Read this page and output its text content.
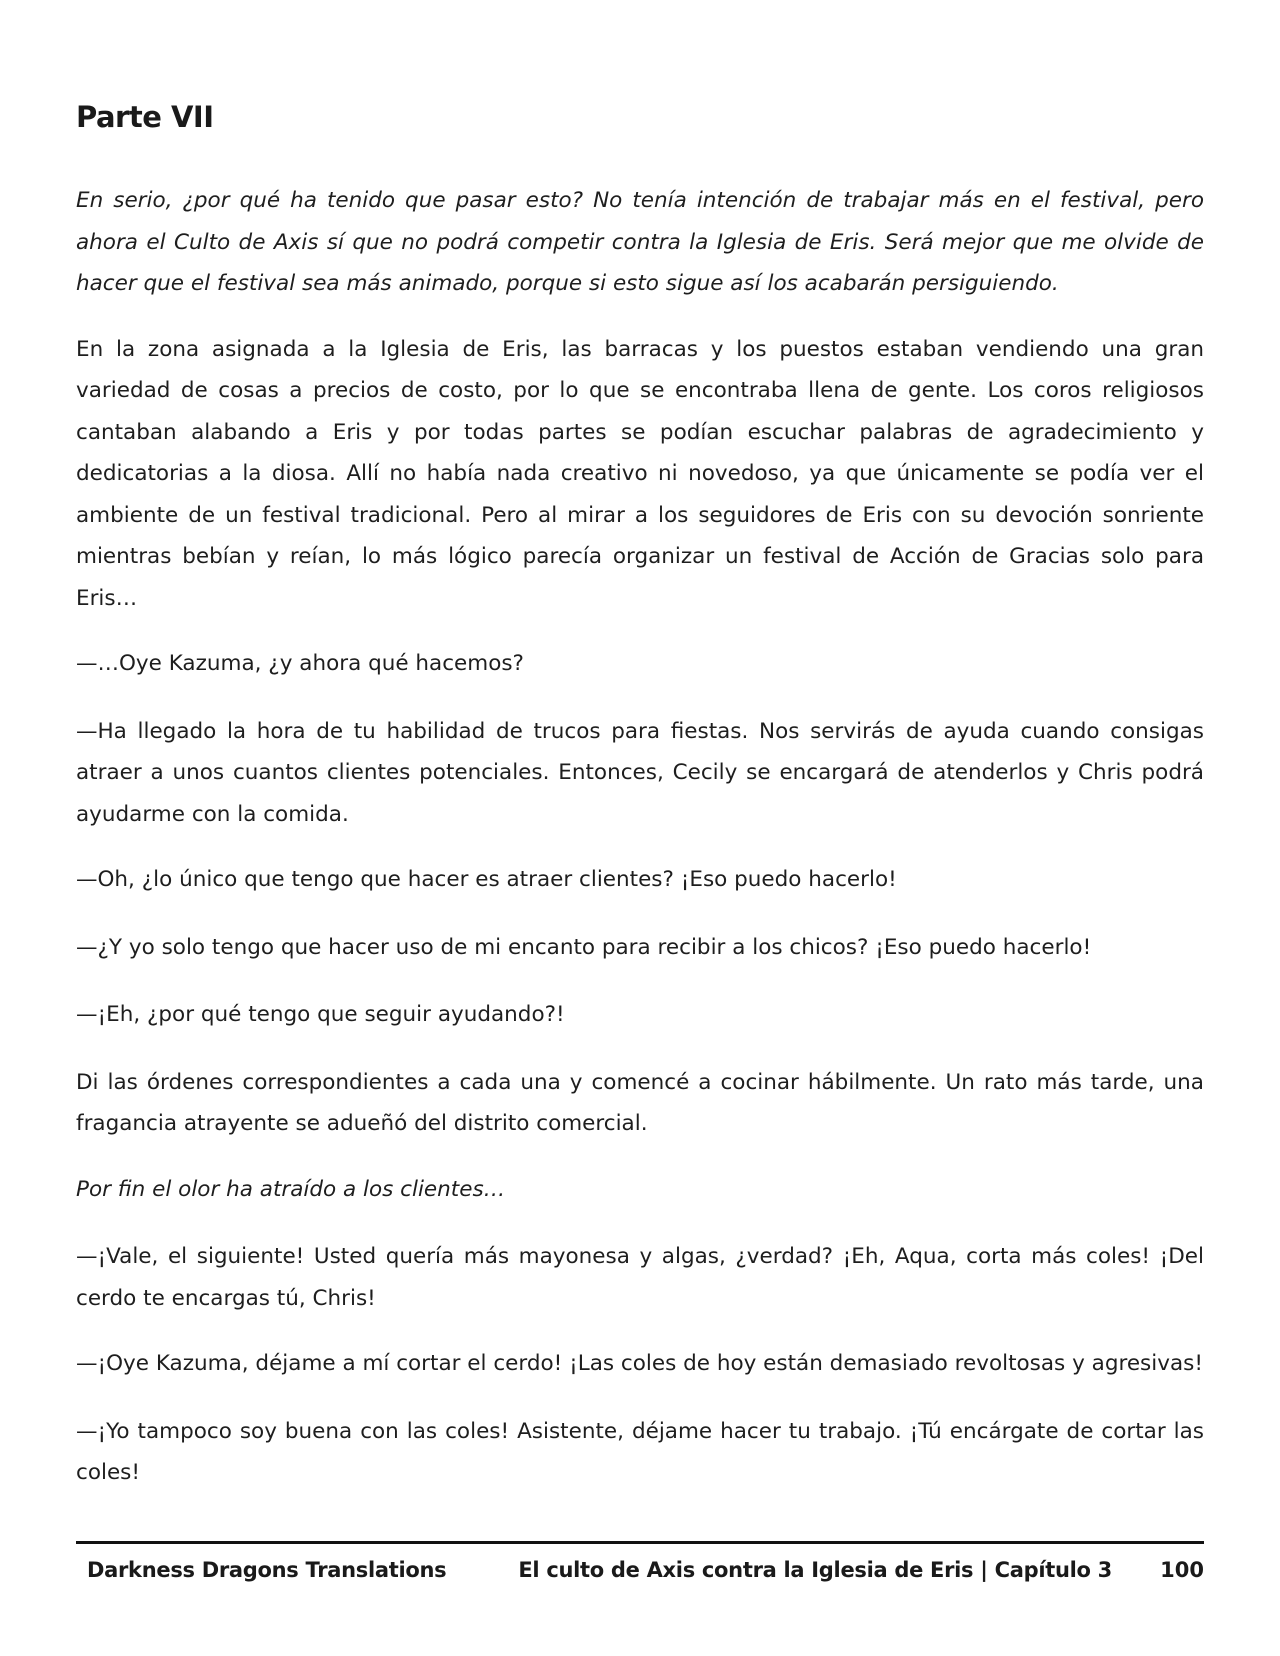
Parte VII

En serio, ¿por qué ha tenido que pasar esto? No tenía intención de trabajar más en el festival, pero ahora el Culto de Axis sí que no podrá competir contra la Iglesia de Eris. Será mejor que me olvide de hacer que el festival sea más animado, porque si esto sigue así los acabarán persiguiendo.

En la zona asignada a la Iglesia de Eris, las barracas y los puestos estaban vendiendo una gran variedad de cosas a precios de costo, por lo que se encontraba llena de gente. Los coros religiosos cantaban alabando a Eris y por todas partes se podían escuchar palabras de agradecimiento y dedicatorias a la diosa. Allí no había nada creativo ni novedoso, ya que únicamente se podía ver el ambiente de un festival tradicional. Pero al mirar a los seguidores de Eris con su devoción sonriente mientras bebían y reían, lo más lógico parecía organizar un festival de Acción de Gracias solo para Eris…

—…Oye Kazuma, ¿y ahora qué hacemos?

—Ha llegado la hora de tu habilidad de trucos para fiestas. Nos servirás de ayuda cuando consigas atraer a unos cuantos clientes potenciales. Entonces, Cecily se encargará de atenderlos y Chris podrá ayudarme con la comida.

—Oh, ¿lo único que tengo que hacer es atraer clientes? ¡Eso puedo hacerlo!

—¿Y yo solo tengo que hacer uso de mi encanto para recibir a los chicos? ¡Eso puedo hacerlo!

—¡Eh, ¿por qué tengo que seguir ayudando?!

Di las órdenes correspondientes a cada una y comencé a cocinar hábilmente. Un rato más tarde, una fragancia atrayente se adueñó del distrito comercial.

Por fin el olor ha atraído a los clientes…

—¡Vale, el siguiente! Usted quería más mayonesa y algas, ¿verdad? ¡Eh, Aqua, corta más coles! ¡Del cerdo te encargas tú, Chris!

—¡Oye Kazuma, déjame a mí cortar el cerdo! ¡Las coles de hoy están demasiado revoltosas y agresivas!

—¡Yo tampoco soy buena con las coles! Asistente, déjame hacer tu trabajo. ¡Tú encárgate de cortar las coles!

Darkness Dragons Translations	El culto de Axis contra la Iglesia de Eris | Capítulo 3 100
